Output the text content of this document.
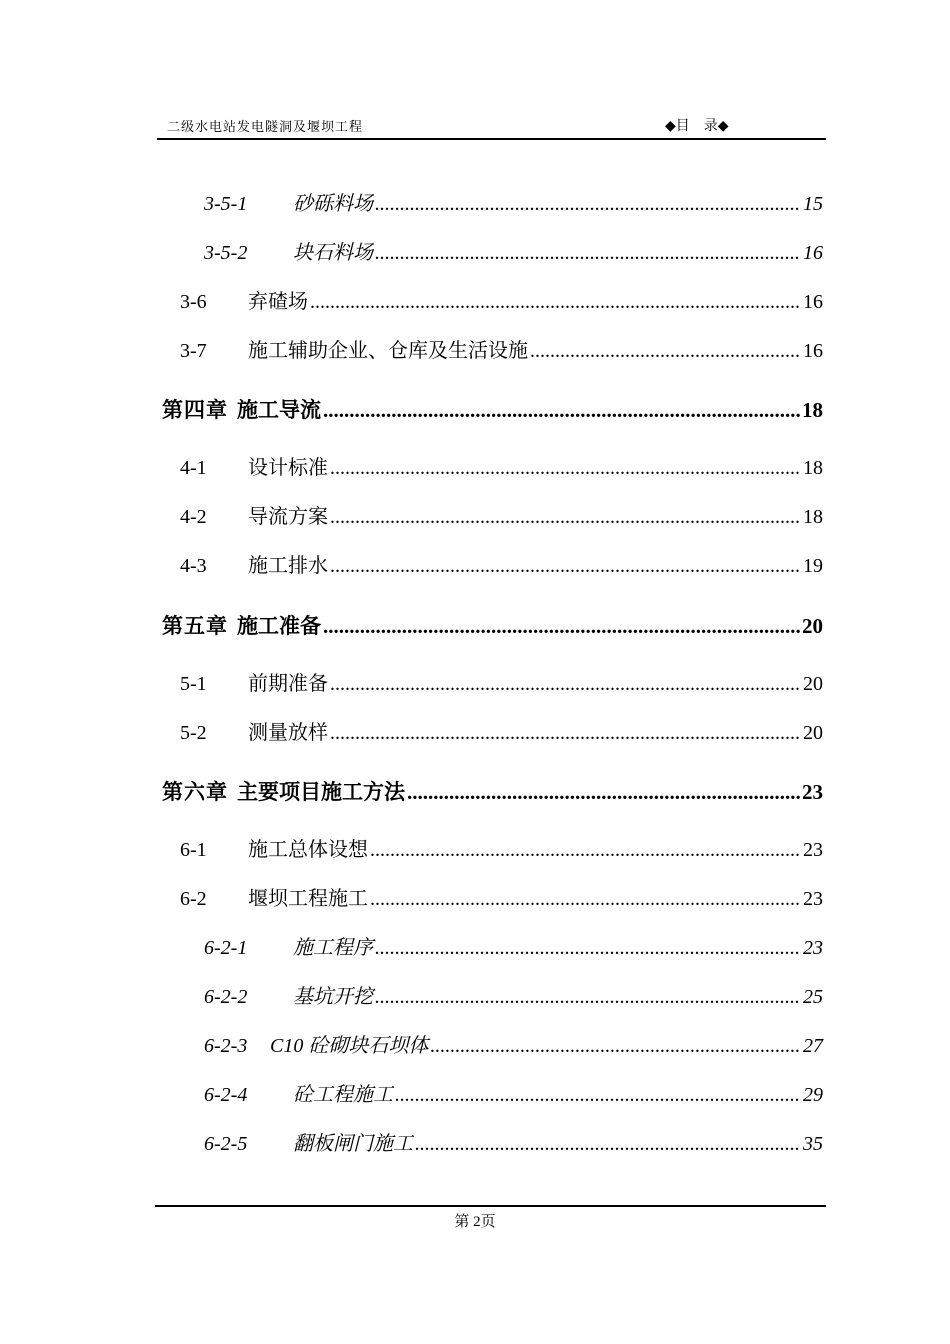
二级水电站发电隧洞及堰坝工程	◆目　录◆
3-5-1	砂砾料场 .....	15
3-5-2	块石料场 .....	16
3-6	弃碴场 .....	16
3-7	施工辅助企业、仓库及生活设施 .....	16
第四章 施工导流 .....	18
4-1	设计标准 .....	18
4-2	导流方案 .....	18
4-3	施工排水 .....	19
第五章 施工准备 .....	20
5-1	前期准备 .....	20
5-2	测量放样 .....	20
第六章 主要项目施工方法 .....	23
6-1	施工总体设想 .....	23
6-2	堰坝工程施工 .....	23
6-2-1	施工程序 .....	23
6-2-2	基坑开挖 .....	25
6-2-3	C10 砼砌块石坝体 .....	27
6-2-4	砼工程施工 .....	29
6-2-5	翻板闸门施工 .....	35
第 2页
